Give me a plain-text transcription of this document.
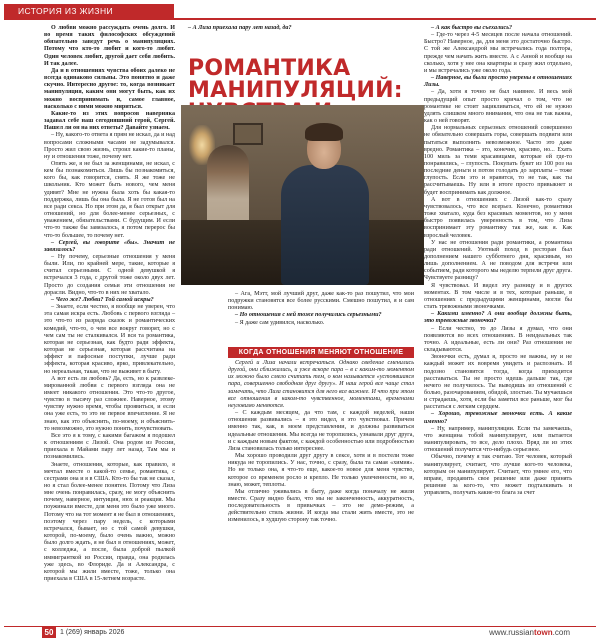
ИСТОРИЯ ИЗ ЖИЗНИ

О любви можно рассуждать очень долго. И во время таких философских обсуждений обязательно заведут речь о манипуляциях. Потому что кто-то любит и кого-то любят. Один человек любит, другой дает себя любить. И так далее.

Да и в отношениях чувства обоих далеко не всегда одинаково сильны. Это понятно и даже скучно. Интересно другое: то, когда возникает манипуляция, каким они могут быть, как их можно воспринимать и, самое главное, насколько с ними можно мириться.

Какие-то из этих вопросов навернякa задавал себе наш сегодняшний герой, Сергей. Нашел ли он на них ответы? Давайте узнаем.

– Ну, какого-то ответа я прям не искал, да и над вопросами сложными часами не задумывался. Просто жил свою жизнь, строил какие-то планы, ну и отношения тоже, почему нет.

Опять же, я не был за женщинами, не искал, с кем бы познакомиться. Лишь бы познакомиться, кого бы, как говорится, снять. Я же тоже не школьник. Кто может быть нового, чем меня удивят? Мне не нужна была хоть бы какая-то поддержка, лишь бы она была. Я не готов был на все ради секса. Но при этом да, я был открыт для отношений, но для более-менее серьезных, с уважением, обязательствами. С будущим. И если что-то также бы завязалось, я потом перерос бы что-то большее, то почему нет.

– Сергей, вы говорите «бы». Значит не завязалось?

– Ну почему, серьезные отношения у меня были. Или, по крайней мере, такие, которые я считал серьезными. С одной девушкой я встречался 3 года, с другой тоже около двух лет. Просто до создания семьи эти отношения не дорасли. Видно, что-то в них не хватало.

– Чего же? Любви? Той самой искры?

– Знаете, если честно, я вообще не уверен, что эта самая искра есть. Любовь с первого взгляда – это что-то из разряда сказок и романтических комедий, что-то, о чем все вокруг говорят, но с чем сам ты не сталкивался. И вся та романтика, которая не серьезная, как будто ради эффекта, которая не серьезная, которая рассчитана на эффект и пафосные поступки, лучше ради эффекта, которая красиво, ярко, привлекательно, но нереальная, такая, что не выживет в быту.

А вот есть ли любовь? Да, есть, но к развлеке-мированной любви с первого взгляда она не имеет никакого отношения. Это что-то другое, чувство в тысячу раз сложнее. Наверное, этому чувству нужно время, чтобы проявиться, и если она уже есть, то это не первое впечатление. Я не знаю, как это объяснить, по-моему, и объяснить-то невозможно, это нужно понять, почувствовать.

Все это я к тому, с какими багажом я подошел к отношениям с Лизой. Она родом из России, приехала в Майами пару лет назад. Там мы и познакомились.

Знаете, отношения, которые, как правило, я мечтал вместе о какой-то семье, романтика, с сестрами она и я в США. Кто-то бы так не сказал, но я стал более-менее понятен. Потому что Лиза мне очень понравилась, сразу, не могу объяснить почему, наверное, интуиция, нюх и реакция. Мы поужинали вместе, для меня это было уже много. Потому что на тот момент я не был в отношениях, поэтому через пару недель, с которыми встречался, бывает, но с той самой девушки, которой, по-моему, было очень важно, можно было долго ждать, я не был в отношениях, может, с колледжа, а после, была доброй пылкой иммигранткой из России, правда, она родилась уже здесь, во Флориде. Да и Александра, с которой мы жили вместе, тоже, только она приехала в США в 15-летнем возрасте.

– А Лиза приехала пару лет назад, да?

РОМАНТИКА МАНИПУЛЯЦИЙ:

– Ага, Мэтт, мой лучший друг, даже как-то раз пошутил, что мои подружки становятся все более русскими. Смешно пошутил, я и сам понимаю.

– Но отношения с ней тоже получились серьезными?

– Я даже сам удивился, насколько.

КОГДА ОТНОШЕНИЯ МЕНЯЮТ ОТНОШЕНИЕ

Сергей и Лиза начали встречаться. Однако сведение сменились другой, они сближались, и уже вскоре пара – в с каким-то моментом их можно было смело считать тем, о ком называется «устоявшаяся пара, совершенно свободная друг другу». И наш герой все чаще стал замечать, что Лиза становится для него все важнее. И что при этом все отношения в каком-то чувственное, моментами, временами неуловимо меняются.

– С каждым месяцем, да что там, с каждой неделей, наши отношения развивались – я это видел, я это чувствовал. Причем именно так, как, в моем представлении, и должны развиваться идеальные отношения. Мы всегда не торопились, узнавали друг друга, и с каждым новым фактом, с каждой особенностью или подробностью Лиза становилась только интереснее.

Мы хорошо проводили друг другу в сексе, хотя и в постели тоже никуда не торопились. У нас, точно, с сразу, была та самая «химия». Но не только она, я что-то еще, какое-то новое для меня чувство, которое со временем росло и крепло. Не только увлеченности, но и, знаю, может, теплоты.

Мы отлично уживались в быту, даже когда поначалу не жили вместе. Сразу видно было, что мы не законченность, аккуратность, последовательность в привычках – это не демо-режим, а действительно стиль жизни. И когда мы стали жить вместе, это не изменилось, в худшую сторону так точно.

– А как быстро вы съехались?

– Где-то через 4-5 месяцев после начала отношений. Быстро? Наверное, да, для меня это достаточно быстро. С той же Александрой мы встречались года полтора, прежде чем начать жить вместе. А с Анной и вообще на сколько, хотя у нее она квартиры и сразу жил отдельно, и мы встречались уже около года.

– Наверное, вы были просто уверены в отношениях Лизы.

– Да, хотя я точно не был наивнее. И весь мой предыдущий опыт просто кричал о том, что не романтике не стоит зацикливаться, что ей не нужно удлять слишком много внимания, что она не так важна, как о ней говорят.

Для нормальных серьезных отношений совершенно не обязательно совершать горы, совершать подвиги или пытаться выполнить невозможное. Часто это даже вредно. Романтика – это, конечно, красиво, но... Ехать 100 миль за теми красавицами, которые ей где-то понравились, – глупость. Покупать букет из 100 роз на последние деньги и потом голодать до зарплаты – тоже глупость. Если это и нравится, то не так, как ты рассчитываешь. Ну или в итоге просто привыкнет и будет воспринимать как должное.

А вот в отношениях с Лизой как-то сразу чувствовалось, что все всерьез. Конечно, романтики тоже хватало, куда без красивых моментов, но у меня быстро появилась уверенность в том, что Лиза воспринимает эту романтику так же, как я. Как взрослый человек.

У нас не отношения ради романтики, а романтика ради отношений. Уютный поход в ресторан был дополнением нашего субботнего дня, красивым, но лишь дополнением. А не поводом для встречи или событием, ради которого мы неделю терпели друг друга. Чувствуете разницу?

Я чувствовал. И видел эту разницу и в других моментах. В том числе и в тех, которые раньше, в отношениях с предыдущими женщинами, могли бы стать тревожными звоночками.

– Какими именно? А они вообще должны быть, это тревожные звоночки?

– Если честно, то до Лизы я думал, что они появляются во всех отношениях. В неидеальных так точно. А идеальные, есть ли они? Раз отношения не складываются.

Звоночки есть, думал я, просто не важны, ну и не каждый может их вовремя увидеть и распознать. И подозно становится тогда, когда приходится расставаться. Ты не просто идешь дальше так, где нечего не получилось. Ты выводишь из отношений с болью, разочарованием, обидой, злостью. Ты мучаешься и страдаешь, хотя, если бы заметил все раньше, мог бы расстаться с легким сердцем.

– Хорошо, тревожные звоночки есть. А какие именно?

– Ну, например, манипуляции. Если ты замечаешь, что женщина тобой манипулирует, или пытается манипулировать, то все, дело плохо. Вряд ли из этих отношений получится что-нибудь серьезное.

Обычно, почему я так считаю. Тот человек, который манипулирует, считает, что лучше кого-то человека, которым он манипулирует. Считает, что умнее его, что вправе, продавить свое решение или даже принять решение за кого-то, что может подталкивать и управлять, получать какие-то блага за счет

50 1 (269) январь 2026	www.russiantown.com
